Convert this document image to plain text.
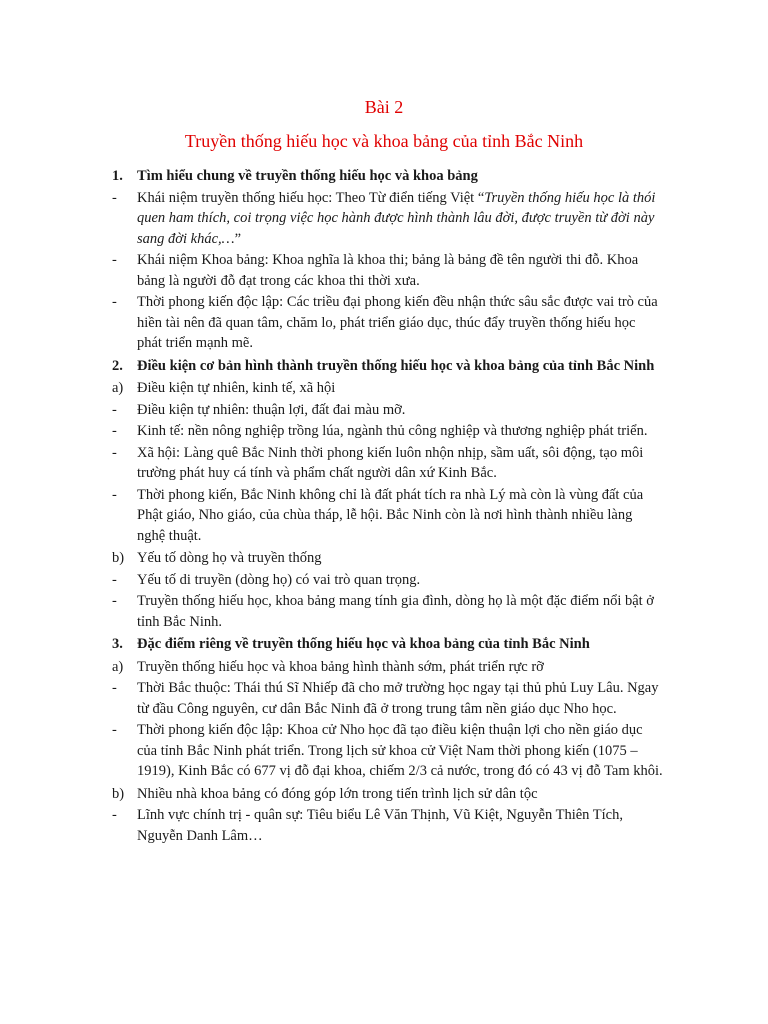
Bài 2
Truyền thống hiếu học và khoa bảng của tỉnh Bắc Ninh
1. Tìm hiểu chung về truyền thống hiếu học và khoa bảng
-	Khái niệm truyền thống hiếu học: Theo Từ điển tiếng Việt “Truyền thống hiếu học là thói quen ham thích, coi trọng việc học hành được hình thành lâu đời, được truyền từ đời này sang đời khác,…”
-	Khái niệm Khoa bảng: Khoa nghĩa là khoa thi; bảng là bảng đề tên người thi đỗ. Khoa bảng là người đỗ đạt trong các khoa thi thời xưa.
-	Thời phong kiến độc lập: Các triều đại phong kiến đều nhận thức sâu sắc được vai trò của hiền tài nên đã quan tâm, chăm lo, phát triển giáo dục, thúc đẩy truyền thống hiếu học phát triển mạnh mẽ.
2. Điều kiện cơ bản hình thành truyền thống hiếu học và khoa bảng của tỉnh Bắc Ninh
a) Điều kiện tự nhiên, kinh tế, xã hội
-	Điều kiện tự nhiên: thuận lợi, đất đai màu mỡ.
-	Kinh tế: nền nông nghiệp trồng lúa, ngành thủ công nghiệp và thương nghiệp phát triển.
-	Xã hội: Làng quê Bắc Ninh thời phong kiến luôn nhộn nhịp, sầm uất, sôi động, tạo môi trường phát huy cá tính và phẩm chất người dân xứ Kinh Bắc.
-	Thời phong kiến, Bắc Ninh không chỉ là đất phát tích ra nhà Lý mà còn là vùng đất của Phật giáo, Nho giáo, của chùa tháp, lễ hội. Bắc Ninh còn là nơi hình thành nhiều làng nghệ thuật.
b) Yếu tố dòng họ và truyền thống
-	Yếu tố di truyền (dòng họ) có vai trò quan trọng.
-	Truyền thống hiếu học, khoa bảng mang tính gia đình, dòng họ là một đặc điểm nổi bật ở tỉnh Bắc Ninh.
3. Đặc điểm riêng về truyền thống hiếu học và khoa bảng của tỉnh Bắc Ninh
a) Truyền thống hiếu học và khoa bảng hình thành sớm, phát triển rực rỡ
-	Thời Bắc thuộc: Thái thú Sĩ Nhiếp đã cho mở trường học ngay tại thủ phủ Luy Lâu. Ngay từ đầu Công nguyên, cư dân Bắc Ninh đã ở trong trung tâm nền giáo dục Nho học.
-	Thời phong kiến độc lập: Khoa cử Nho học đã tạo điều kiện thuận lợi cho nền giáo dục của tỉnh Bắc Ninh phát triển. Trong lịch sử khoa cử Việt Nam thời phong kiến (1075 – 1919), Kinh Bắc có 677 vị đỗ đại khoa, chiếm 2/3 cả nước, trong đó có 43 vị đỗ Tam khôi.
b) Nhiều nhà khoa bảng có đóng góp lớn trong tiến trình lịch sử dân tộc
-	Lĩnh vực chính trị - quân sự: Tiêu biểu Lê Văn Thịnh, Vũ Kiệt, Nguyễn Thiên Tích, Nguyễn Danh Lâm…
